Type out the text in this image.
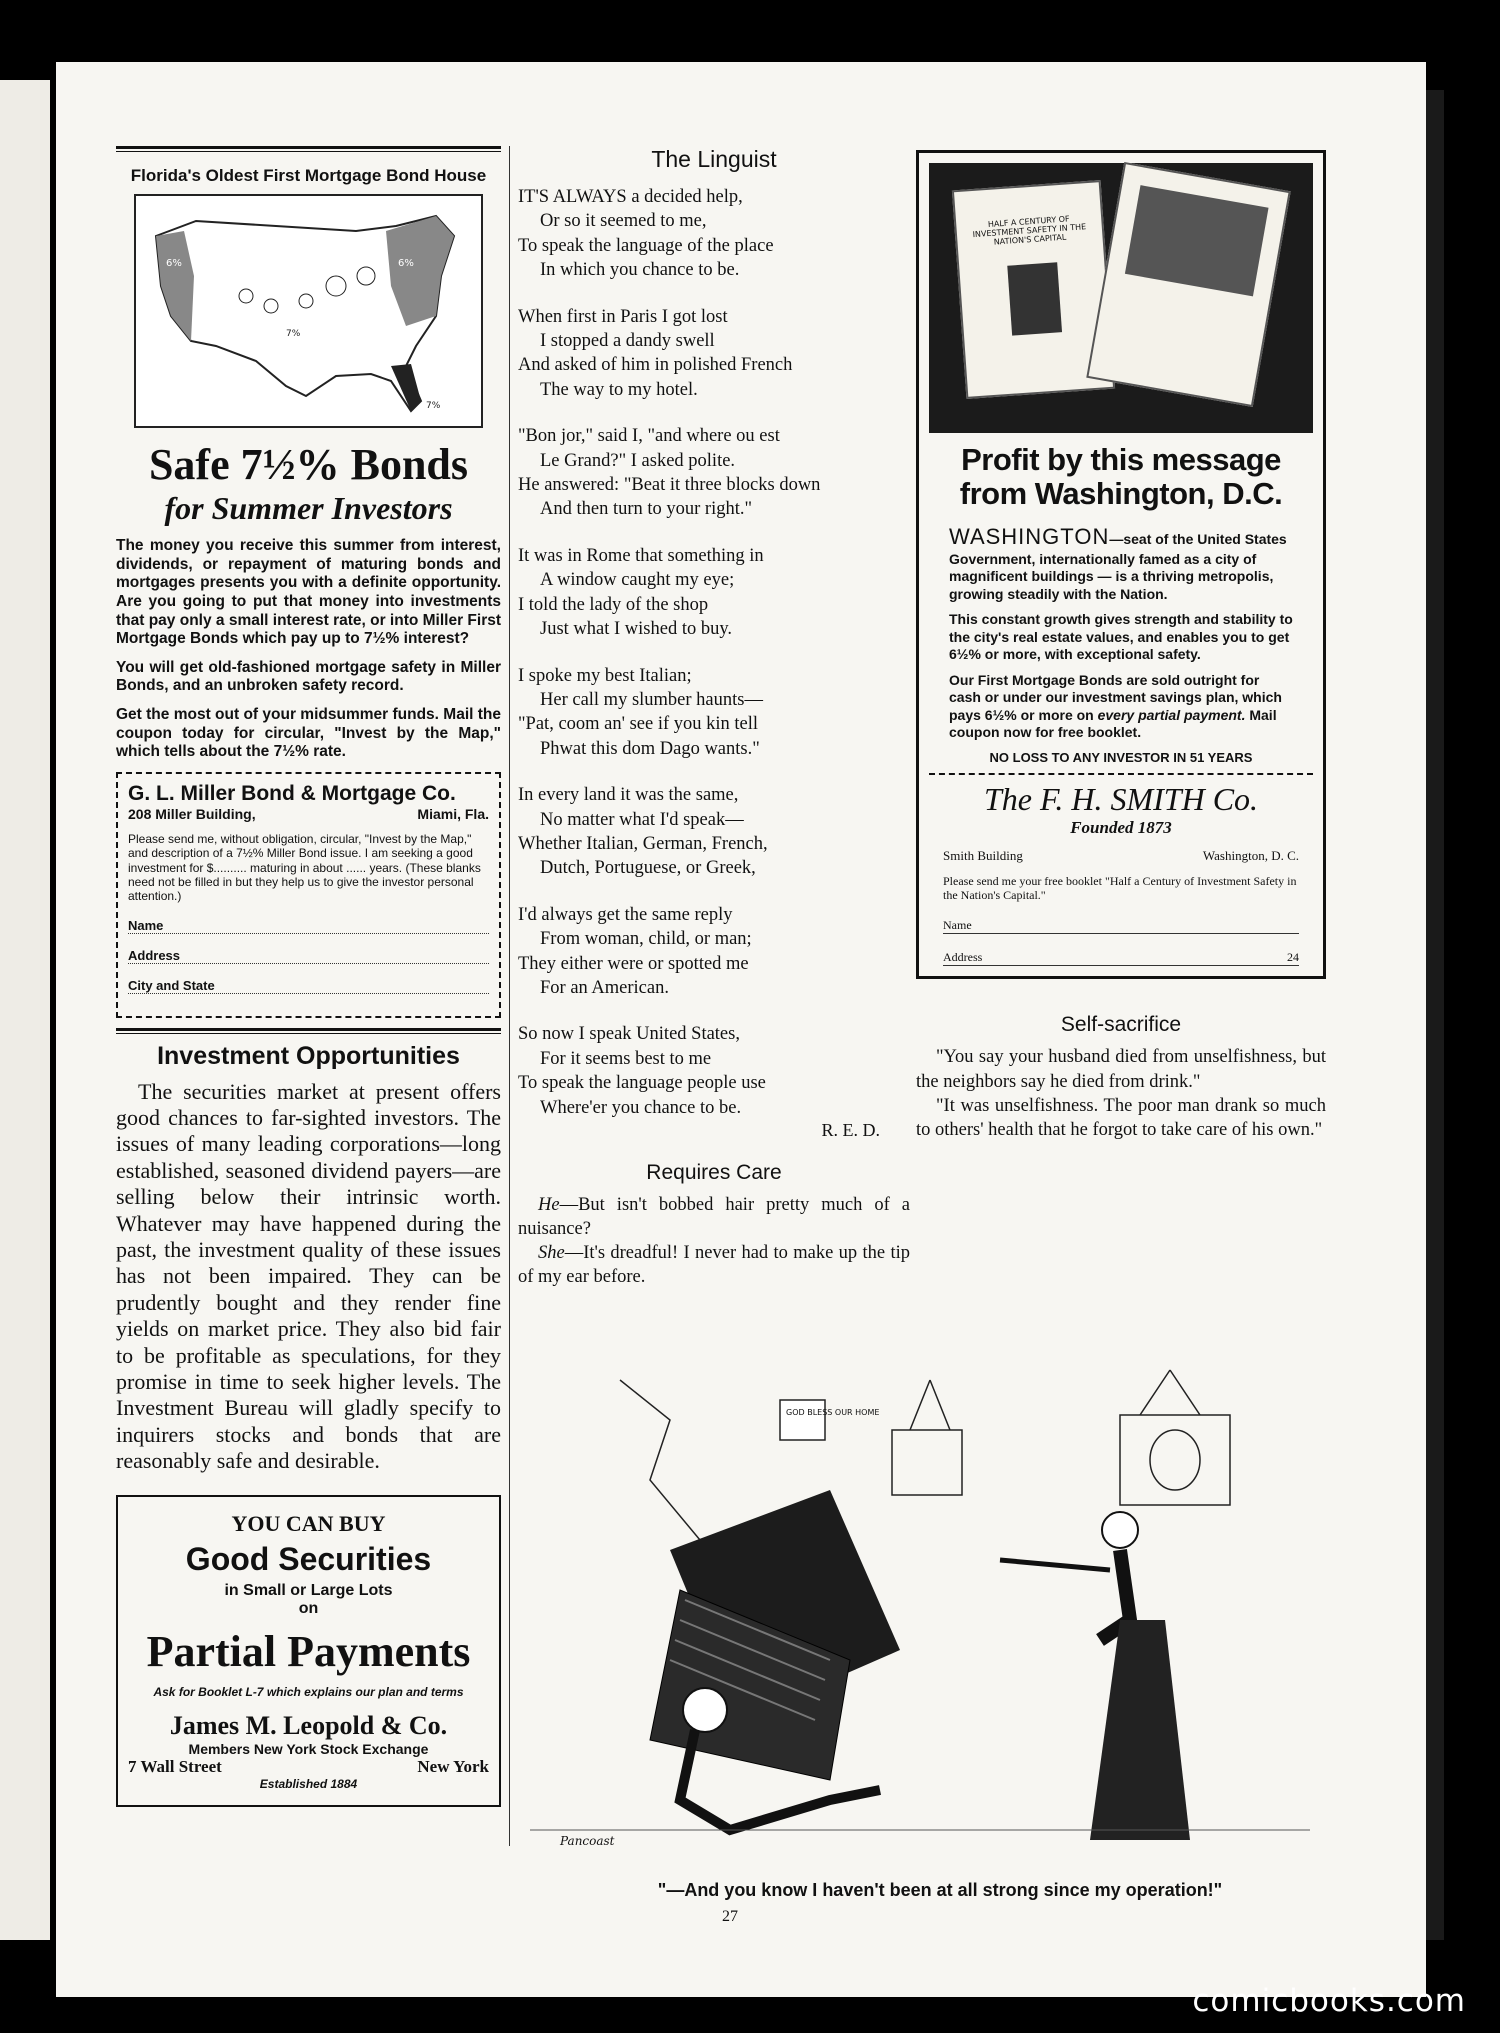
Florida's Oldest First Mortgage Bond House
6%	6%
7%
7%
Safe 7½% Bonds
for Summer Investors

The money you receive this summer from interest, dividends, or repayment of maturing bonds and mortgages presents you with a definite opportunity. Are you going to put that money into investments that pay only a small interest rate, or into Miller First Mortgage Bonds which pay up to 7½% interest?

You will get old-fashioned mortgage safety in Miller Bonds, and an unbroken safety record.

Get the most out of your midsummer funds. Mail the coupon today for circular, "Invest by the Map," which tells about the 7½% rate.

G. L. Miller Bond & Mortgage Co.
208 Miller Building,	Miami, Fla.
Please send me, without obligation, circular, "Invest by the Map," and description of a 7½% Miller Bond issue. I am seeking a good investment for $.......... maturing in about ...... years. (These blanks need not be filled in but they help us to give the investor personal attention.)
Name
Address
City and State
Investment Opportunities

The securities market at present offers good chances to far-sighted investors. The issues of many leading corporations—long established, seasoned dividend payers—are selling below their intrinsic worth. Whatever may have happened during the past, the investment quality of these issues has not been impaired. They can be prudently bought and they render fine yields on market price. They also bid fair to be profitable as speculations, for they promise in time to seek higher levels. The Investment Bureau will gladly specify to inquirers stocks and bonds that are reasonably safe and desirable.

YOU CAN BUY
Good Securities
in Small or Large Lots
on
Partial Payments
Ask for Booklet L-7 which explains our plan and terms
James M. Leopold & Co.
Members New York Stock Exchange
7 Wall Street	New York
Established 1884
The Linguist
IT'S ALWAYS a decided help,
Or so it seemed to me,
To speak the language of the place
In which you chance to be.
When first in Paris I got lost
I stopped a dandy swell
And asked of him in polished French
The way to my hotel.
"Bon jor," said I, "and where ou est
Le Grand?" I asked polite.
He answered: "Beat it three blocks down
And then turn to your right."
It was in Rome that something in
A window caught my eye;
I told the lady of the shop
Just what I wished to buy.
I spoke my best Italian;
Her call my slumber haunts—
"Pat, coom an' see if you kin tell
Phwat this dom Dago wants."
In every land it was the same,
No matter what I'd speak—
Whether Italian, German, French,
Dutch, Portuguese, or Greek,
I'd always get the same reply
From woman, child, or man;
They either were or spotted me
For an American.
So now I speak United States,
For it seems best to me
To speak the language people use
Where'er you chance to be.
R. E. D.
Requires Care

He—But isn't bobbed hair pretty much of a nuisance?

She—It's dreadful! I never had to make up the tip of my ear before.

HALF A CENTURY OF INVESTMENT SAFETY IN THE NATION'S CAPITAL
Profit by this message
from Washington, D.C.

WASHINGTON—seat of the United States Government, internationally famed as a city of magnificent buildings — is a thriving metropolis, growing steadily with the Nation.

This constant growth gives strength and stability to the city's real estate values, and enables you to get 6½% or more, with exceptional safety.

Our First Mortgage Bonds are sold outright for cash or under our investment savings plan, which pays 6½% or more on every partial payment. Mail coupon now for free booklet.

NO LOSS TO ANY INVESTOR IN 51 YEARS
The F. H. SMITH Co.
Founded 1873
Smith Building	Washington, D. C.
Please send me your free booklet "Half a Century of Investment Safety in the Nation's Capital."
Name
Address	24
Self-sacrifice

"You say your husband died from unselfishness, but the neighbors say he died from drink."

"It was unselfishness. The poor man drank so much to others' health that he forgot to take care of his own."

GOD BLESS OUR HOME
Pancoast
"—And you know I haven't been at all strong since my operation!"
27
comicbooks.com
